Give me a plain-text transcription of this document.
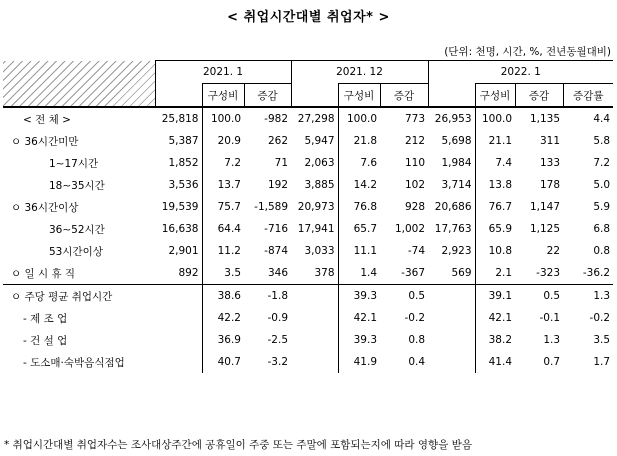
< 취업시간대별 취업자* >
(단위: 천명, 시간, %, 전년동월대비)
	2021. 1			2021. 12			2022. 1			
		구성비	증감		구성비	증감		구성비	증감	증감률
< 전 체 >	25,818	100.0	-982	27,298	100.0	773	26,953	100.0	1,135	4.4
ㅇ 36시간미만	5,387	20.9	262	5,947	21.8	212	5,698	21.1	311	5.8
1∼17시간	1,852	7.2	71	2,063	7.6	110	1,984	7.4	133	7.2
18∼35시간	3,536	13.7	192	3,885	14.2	102	3,714	13.8	178	5.0
ㅇ 36시간이상	19,539	75.7	-1,589	20,973	76.8	928	20,686	76.7	1,147	5.9
36∼52시간	16,638	64.4	-716	17,941	65.7	1,002	17,763	65.9	1,125	6.8
53시간이상	2,901	11.2	-874	3,033	11.1	-74	2,923	10.8	22	0.8
ㅇ 일 시 휴 직	892	3.5	346	378	1.4	-367	569	2.1	-323	-36.2
ㅇ 주당 평균 취업시간		38.6	-1.8		39.3	0.5		39.1	0.5	1.3
- 제 조 업		42.2	-0.9		42.1	-0.2		42.1	-0.1	-0.2
- 건 설 업		36.9	-2.5		39.3	0.8		38.2	1.3	3.5
- 도소매·숙박음식점업		40.7	-3.2		41.9	0.4		41.4	0.7	1.7
* 취업시간대별 취업자수는 조사대상주간에 공휴일이 주중 또는 주말에 포함되는지에 따라 영향을 받음
